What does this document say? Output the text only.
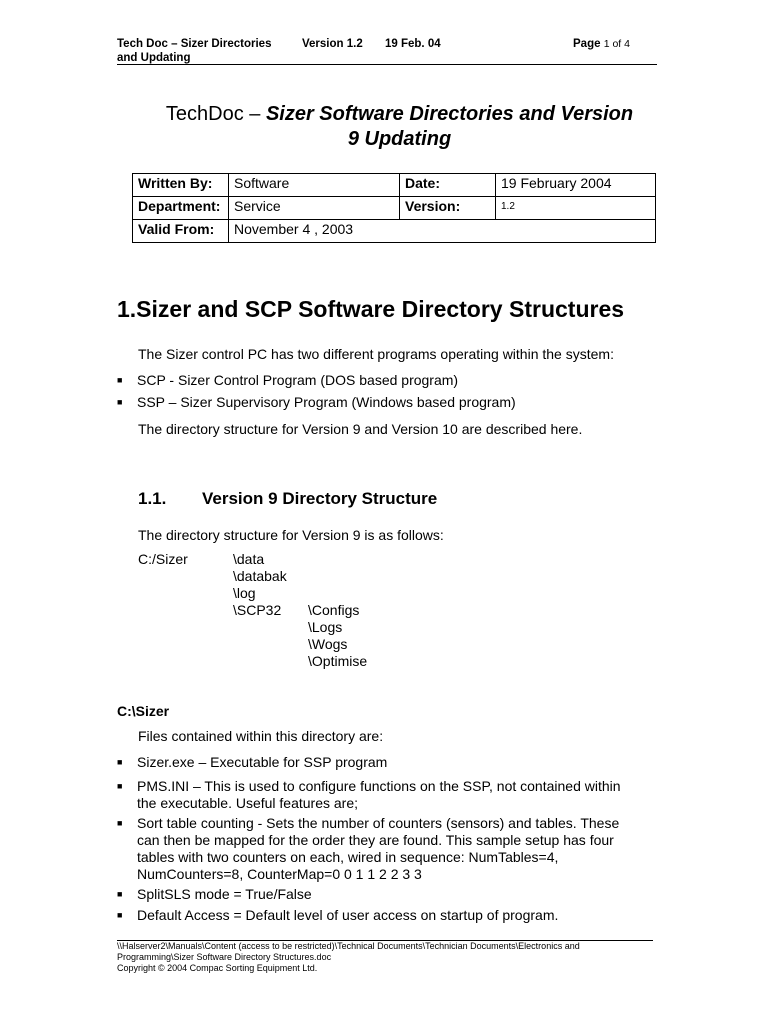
Tech Doc – Sizer Directories
and Updating
Version 1.2 19 Feb. 04	Page 1 of 4
TechDoc – Sizer Software Directories and Version
9 Updating
Written By:	Software	Date:	19 February 2004
Department:	Service	Version:	1.2
Valid From:	November 4 , 2003		
1.Sizer and SCP Software Directory Structures
The Sizer control PC has two different programs operating within the system:
■ SCP - Sizer Control Program (DOS based program)
■ SSP – Sizer Supervisory Program (Windows based program)
The directory structure for Version 9 and Version 10 are described here.
1.1. Version 9 Directory Structure
The directory structure for Version 9 is as follows:
C:/Sizer	\data
\databak
\log
\SCP32	\Configs
\Logs
\Wogs
\Optimise
C:\Sizer
Files contained within this directory are:
■ Sizer.exe – Executable for SSP program
■ PMS.INI – This is used to configure functions on the SSP, not contained within
the executable. Useful features are;
■ Sort table counting - Sets the number of counters (sensors) and tables. These
can then be mapped for the order they are found. This sample setup has four
tables with two counters on each, wired in sequence: NumTables=4,
NumCounters=8, CounterMap=0 0 1 1 2 2 3 3
■ SplitSLS mode = True/False
■ Default Access = Default level of user access on startup of program.
\\Halserver2\Manuals\Content (access to be restricted)\Technical Documents\Technician Documents\Electronics and
Programming\Sizer Software Directory Structures.doc
Copyright © 2004 Compac Sorting Equipment Ltd.
